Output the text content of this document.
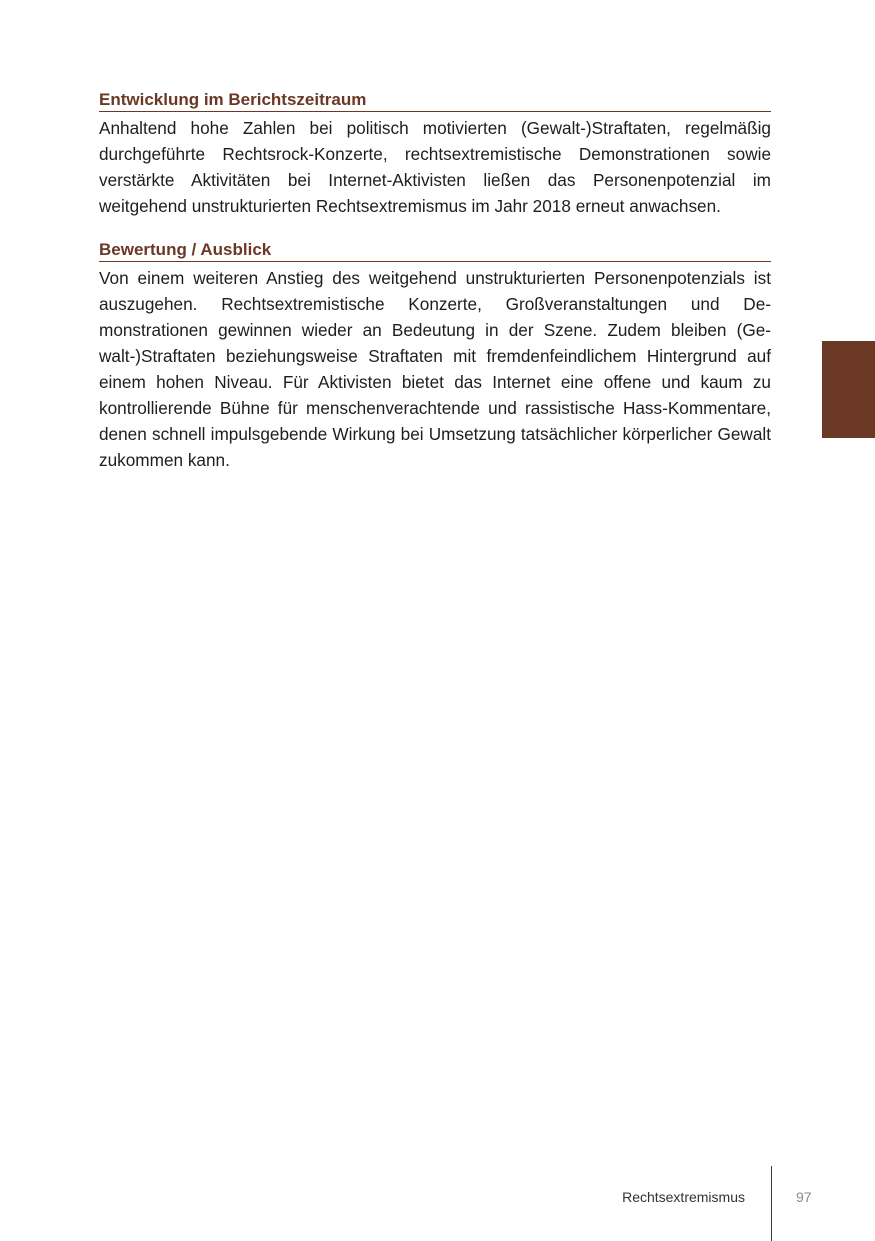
Entwicklung im Berichtszeitraum

Anhaltend hohe Zahlen bei politisch motivierten (Gewalt-)Straftaten, regelmäßig durchgeführte Rechtsrock-Konzerte, rechtsextremistische Demonstrationen sowie verstärkte Aktivitäten bei Internet-Aktivisten ließen das Personenpotenzial im weitgehend unstrukturierten Rechtsextremismus im Jahr 2018 erneut anwachsen.

Bewertung / Ausblick

Von einem weiteren Anstieg des weitgehend unstrukturierten Personenpotenzials ist auszugehen. Rechtsextremistische Konzerte, Großveranstaltungen und Demonstrationen gewinnen wieder an Bedeutung in der Szene. Zudem bleiben (Gewalt-)Straftaten beziehungsweise Straftaten mit fremdenfeindlichem Hintergrund auf einem hohen Niveau. Für Aktivisten bietet das Internet eine offene und kaum zu kontrollierende Bühne für menschenverachtende und rassistische Hass-Kommentare, denen schnell impulsgebende Wirkung bei Umsetzung tatsächlicher körperlicher Gewalt zukommen kann.

Rechtsextremismus	97
